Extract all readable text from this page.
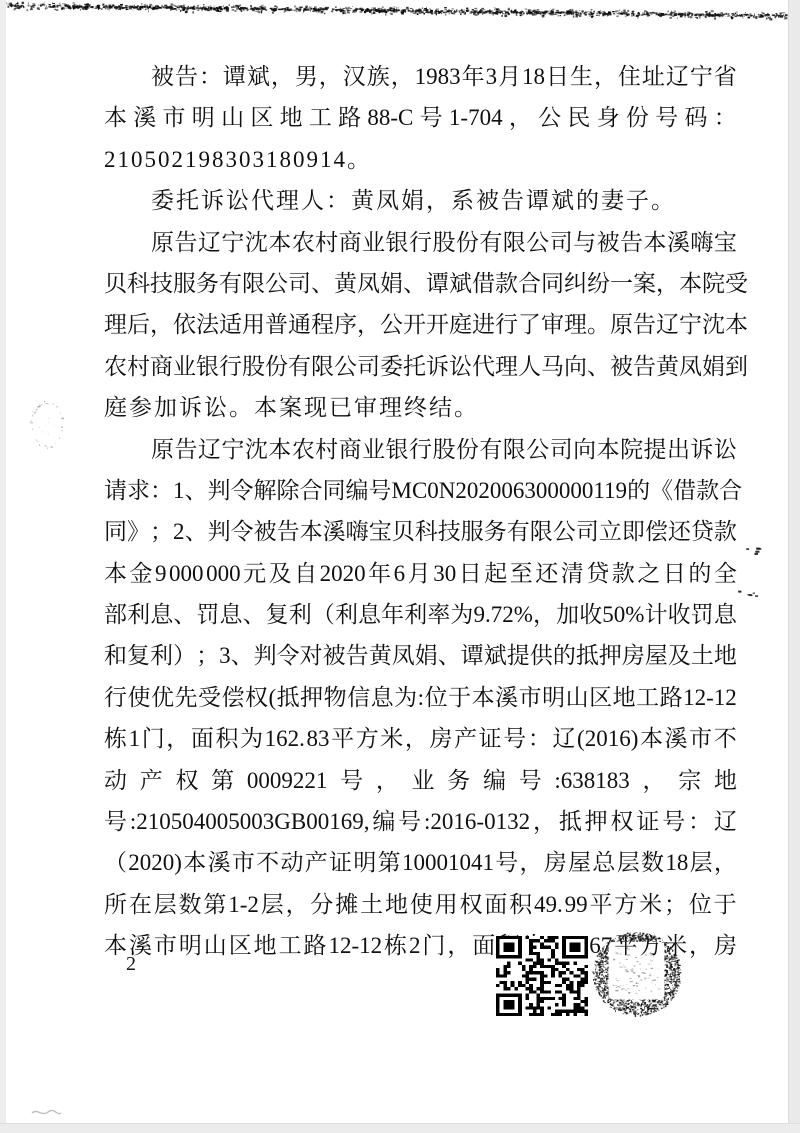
被 告 ： 谭 斌 ， 男 ， 汉 族 ， 1983 年 3 月 18 日 生 ， 住 址 辽 宁 省
本 溪 市 明 山 区 地 工 路 88-C 号 1-704 ， 公 民 身 份 号 码 ：
210502198303180914。
委托诉讼代理人：黄凤娟，系被告谭斌的妻子。
原 告 辽 宁 沈 本 农 村 商 业 银 行 股 份 有 限 公 司 与 被 告 本 溪 嗨 宝
贝 科 技 服 务 有 限 公 司 、 黄 凤 娟 、 谭 斌 借 款 合 同 纠 纷 一 案 ， 本 院 受
理 后 ， 依 法 适 用 普 通 程 序 ， 公 开 开 庭 进 行 了 审 理 。 原 告 辽 宁 沈 本
农 村 商 业 银 行 股 份 有 限 公 司 委 托 诉 讼 代 理 人 马 向 、 被 告 黄 凤 娟 到
庭参加诉讼。本案现已审理终结。
原 告 辽 宁 沈 本 农 村 商 业 银 行 股 份 有 限 公 司 向 本 院 提 出 诉 讼
请 求 ： 1 、 判 令 解 除 合 同 编 号 MC0N202006300000119 的 《 借 款 合
同 》 ； 2 、 判 令 被 告 本 溪 嗨 宝 贝 科 技 服 务 有 限 公 司 立 即 偿 还 贷 款
本 金 9 000 000 元 及 自 2020 年 6 月 30 日 起 至 还 清 贷 款 之 日 的 全
部 利 息 、 罚 息 、 复 利 （ 利 息 年 利 率 为 9.72% ， 加 收 50% 计 收 罚 息
和 复 利 ） ； 3 、 判 令 对 被 告 黄 凤 娟 、 谭 斌 提 供 的 抵 押 房 屋 及 土 地
行 使 优 先 受 偿 权 ( 抵 押 物 信 息 为 : 位 于 本 溪 市 明 山 区 地 工 路 12-12
栋 1 门 ， 面 积 为 162. 83 平 方 米 ， 房 产 证 号 ： 辽 (2016) 本 溪 市 不
动 产 权 第 0009221 号 ， 业 务 编 号 :638183 ， 宗 地
号 :210504005003GB00169, 编 号 :2016-0132 ， 抵 押 权 证 号 ： 辽
（ 2020) 本 溪 市 不 动 产 证 明 第 10001041 号 ， 房 屋 总 层 数 18 层 ，
所 在 层 数 第 1-2 层 ， 分 摊 土 地 使 用 权 面 积 49. 99 平 方 米 ； 位 于
本 溪 市 明 山 区 地 工 路 12-12 栋 2 门 ， 面	67 平 方 米 ， 房
2
